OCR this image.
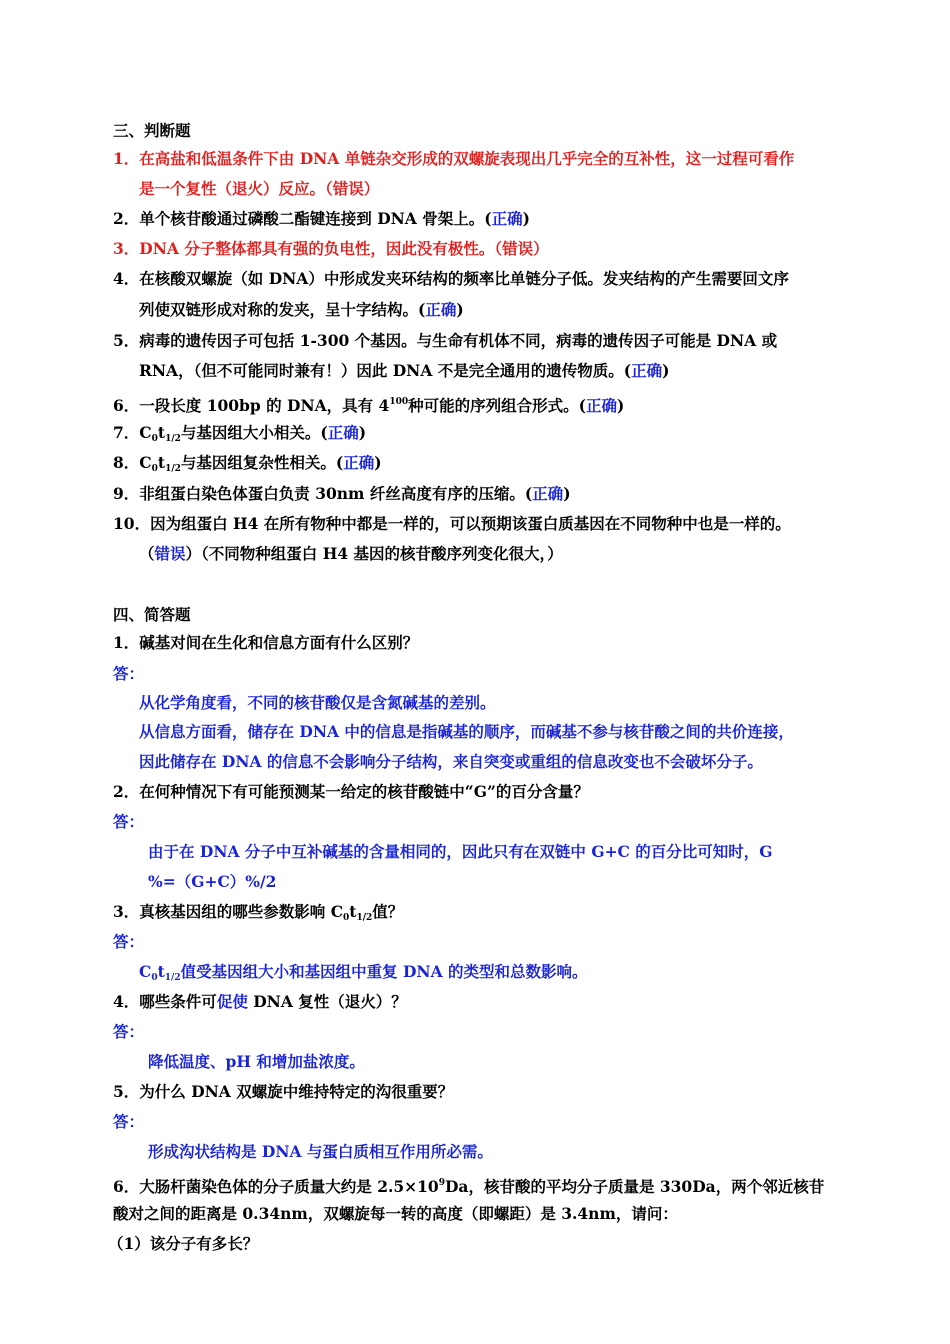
三、判断题
1．在高盐和低温条件下由 DNA 单链杂交形成的双螺旋表现出几乎完全的互补性，这一过程可看作
是一个复性（退火）反应。（错误）
2．单个核苷酸通过磷酸二酯键连接到 DNA 骨架上。(正确)
3．DNA 分子整体都具有强的负电性，因此没有极性。（错误）
4．在核酸双螺旋（如 DNA）中形成发夹环结构的频率比单链分子低。发夹结构的产生需要回文序
列使双链形成对称的发夹，呈十字结构。(正确)
5．病毒的遗传因子可包括 1-300 个基因。与生命有机体不同，病毒的遗传因子可能是 DNA 或
RNA，（但不可能同时兼有！）因此 DNA 不是完全通用的遗传物质。(正确)
6．一段长度 100bp 的 DNA，具有 $4^{100}$种可能的序列组合形式。(正确)
7．$C_0t_{1/2}$与基因组大小相关。(正确)
8．$C_0t_{1/2}$与基因组复杂性相关。(正确)
9．非组蛋白染色体蛋白负责 30nm 纤丝高度有序的压缩。(正确)
10．因为组蛋白 H4 在所有物种中都是一样的，可以预期该蛋白质基因在不同物种中也是一样的。
（错误）（不同物种组蛋白 H4 基因的核苷酸序列变化很大，）
四、简答题
1．碱基对间在生化和信息方面有什么区别？
答：
从化学角度看，不同的核苷酸仅是含氮碱基的差别。
从信息方面看，储存在 DNA 中的信息是指碱基的顺序，而碱基不参与核苷酸之间的共价连接，
因此储存在 DNA 的信息不会影响分子结构，来自突变或重组的信息改变也不会破坏分子。
2．在何种情况下有可能预测某一给定的核苷酸链中“G”的百分含量？
答：
由于在 DNA 分子中互补碱基的含量相同的，因此只有在双链中 G+C 的百分比可知时，G
%=（G+C）%/2
3．真核基因组的哪些参数影响 $C_0t_{1/2}$值？
答：
$C_0t_{1/2}$值受基因组大小和基因组中重复 DNA 的类型和总数影响。
4．哪些条件可促使 DNA 复性（退火）？
答：
降低温度、pH 和增加盐浓度。
5．为什么 DNA 双螺旋中维持特定的沟很重要？
答：
形成沟状结构是 DNA 与蛋白质相互作用所必需。
6．大肠杆菌染色体的分子质量大约是 $2.5\times 10^9Da$，核苷酸的平均分子质量是 330Da，两个邻近核苷
酸对之间的距离是 0.34nm，双螺旋每一转的高度（即螺距）是 3.4nm，请问：
（1）该分子有多长？
